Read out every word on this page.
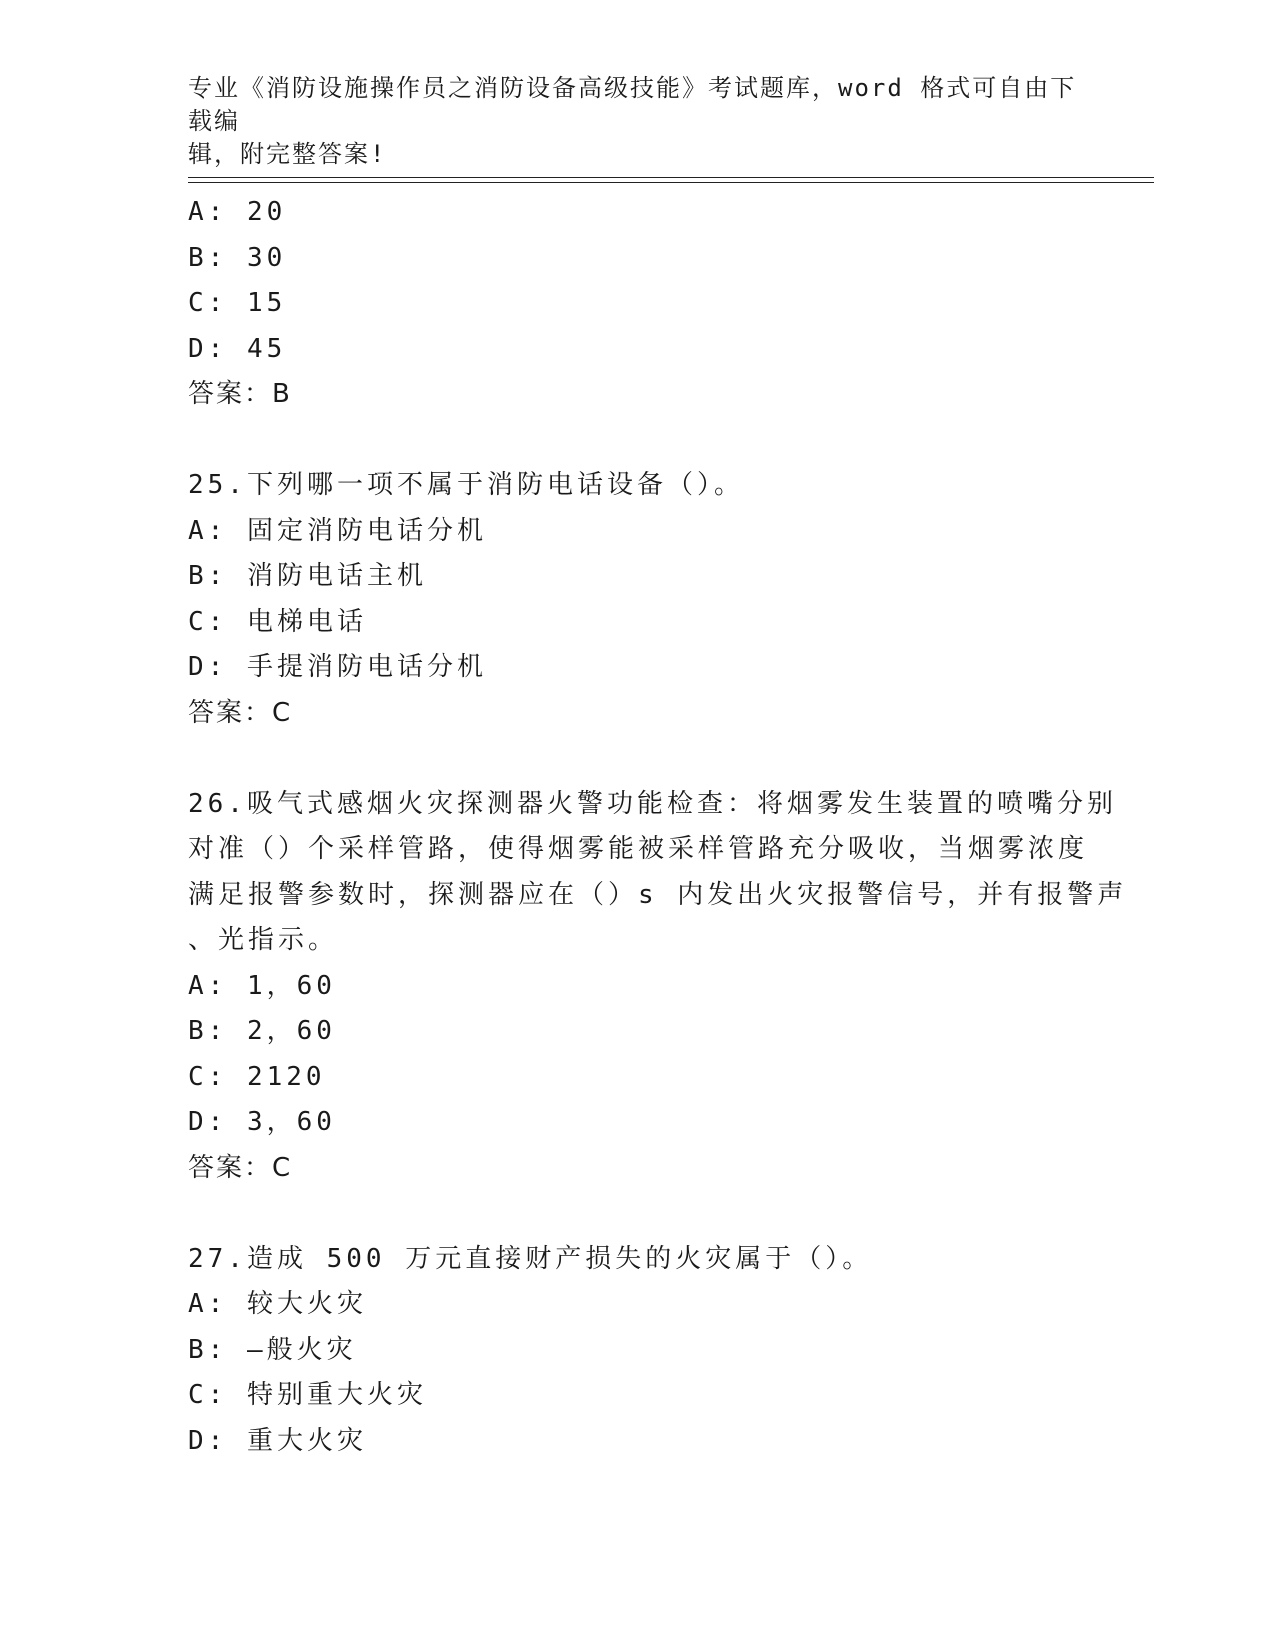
专业《消防设施操作员之消防设备高级技能》考试题库，word 格式可自由下载编
辑，附完整答案!
A: 20
B: 30
C: 15
D: 45
答案：B
25.下列哪一项不属于消防电话设备（）。
A: 固定消防电话分机
B: 消防电话主机
C: 电梯电话
D: 手提消防电话分机
答案：C
26.吸气式感烟火灾探测器火警功能检查：将烟雾发生装置的喷嘴分别
对准（）个采样管路，使得烟雾能被采样管路充分吸收，当烟雾浓度
满足报警参数时，探测器应在（）s 内发出火灾报警信号，并有报警声
、光指示。
A: 1，60
B: 2，60
C: 2120
D: 3，60
答案：C
27.造成 500 万元直接财产损失的火灾属于（）。
A: 较大火灾
B: —般火灾
C: 特别重大火灾
D: 重大火灾
